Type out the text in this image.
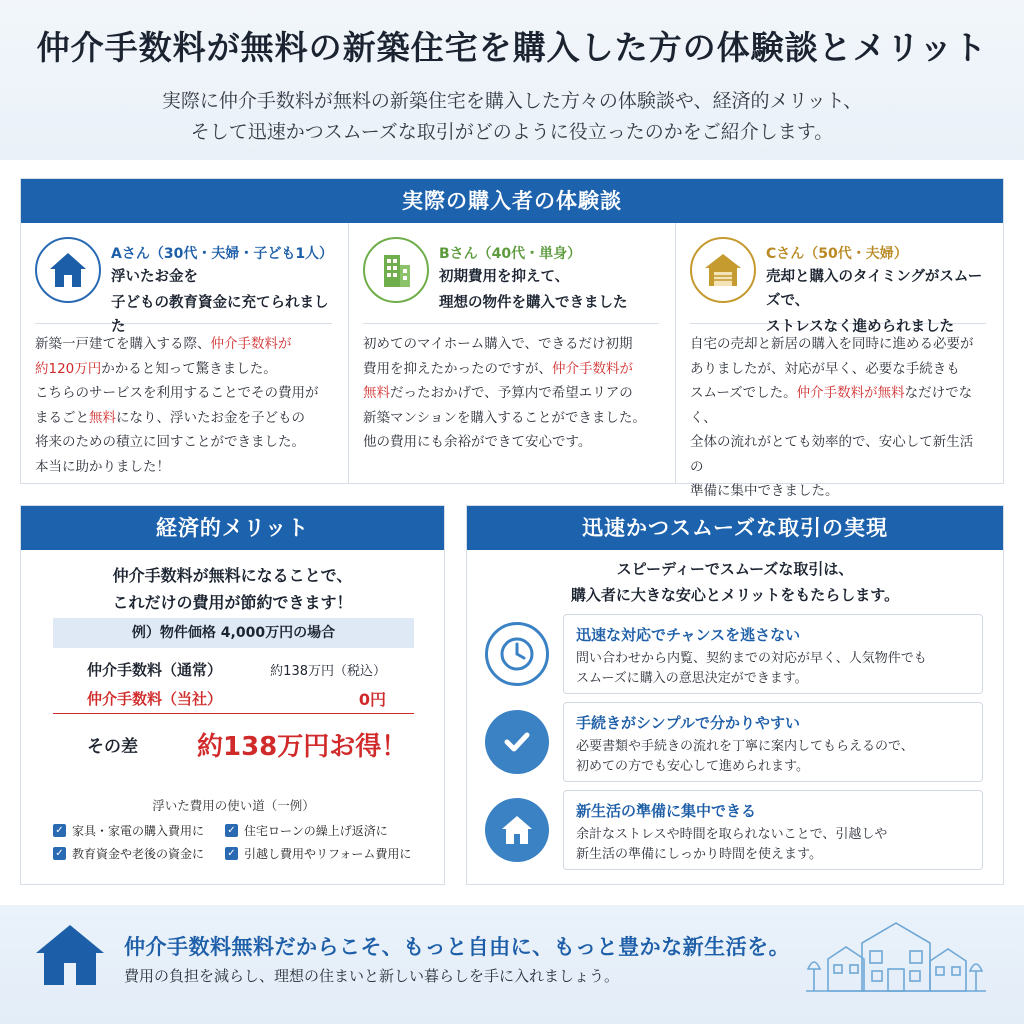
仲介手数料が無料の新築住宅を購入した方の体験談とメリット
実際に仲介手数料が無料の新築住宅を購入した方々の体験談や、経済的メリット、
そして迅速かつスムーズな取引がどのように役立ったのかをご紹介します。
実際の購入者の体験談
Aさん（30代・夫婦・子ども1人）
浮いたお金を
子どもの教育資金に充てられました
新築一戸建てを購入する際、仲介手数料が
約120万円かかると知って驚きました。
こちらのサービスを利用することでその費用が
まるごと無料になり、浮いたお金を子どもの
将来のための積立に回すことができました。
本当に助かりました！
Bさん（40代・単身）
初期費用を抑えて、
理想の物件を購入できました
初めてのマイホーム購入で、できるだけ初期
費用を抑えたかったのですが、仲介手数料が
無料だったおかげで、予算内で希望エリアの
新築マンションを購入することができました。
他の費用にも余裕ができて安心です。
Cさん（50代・夫婦）
売却と購入のタイミングがスムーズで、
ストレスなく進められました
自宅の売却と新居の購入を同時に進める必要が
ありましたが、対応が早く、必要な手続きも
スムーズでした。仲介手数料が無料なだけでなく、
全体の流れがとても効率的で、安心して新生活の
準備に集中できました。
経済的メリット
仲介手数料が無料になることで、
これだけの費用が節約できます！
例）物件価格 4,000万円の場合
仲介手数料（通常）	約138万円（税込）
仲介手数料（当社）	0円
その差	約138万円お得！
浮いた費用の使い道（一例）
✓ 家具・家電の購入費用に ✓ 住宅ローンの繰上げ返済に
✓ 教育資金や老後の資金に ✓ 引越し費用やリフォーム費用に
迅速かつスムーズな取引の実現
スピーディーでスムーズな取引は、
購入者に大きな安心とメリットをもたらします。
迅速な対応でチャンスを逃さない
問い合わせから内覧、契約までの対応が早く、人気物件でも
スムーズに購入の意思決定ができます。
手続きがシンプルで分かりやすい
必要書類や手続きの流れを丁寧に案内してもらえるので、
初めての方でも安心して進められます。
新生活の準備に集中できる
余計なストレスや時間を取られないことで、引越しや
新生活の準備にしっかり時間を使えます。
仲介手数料無料だからこそ、もっと自由に、もっと豊かな新生活を。
費用の負担を減らし、理想の住まいと新しい暮らしを手に入れましょう。
